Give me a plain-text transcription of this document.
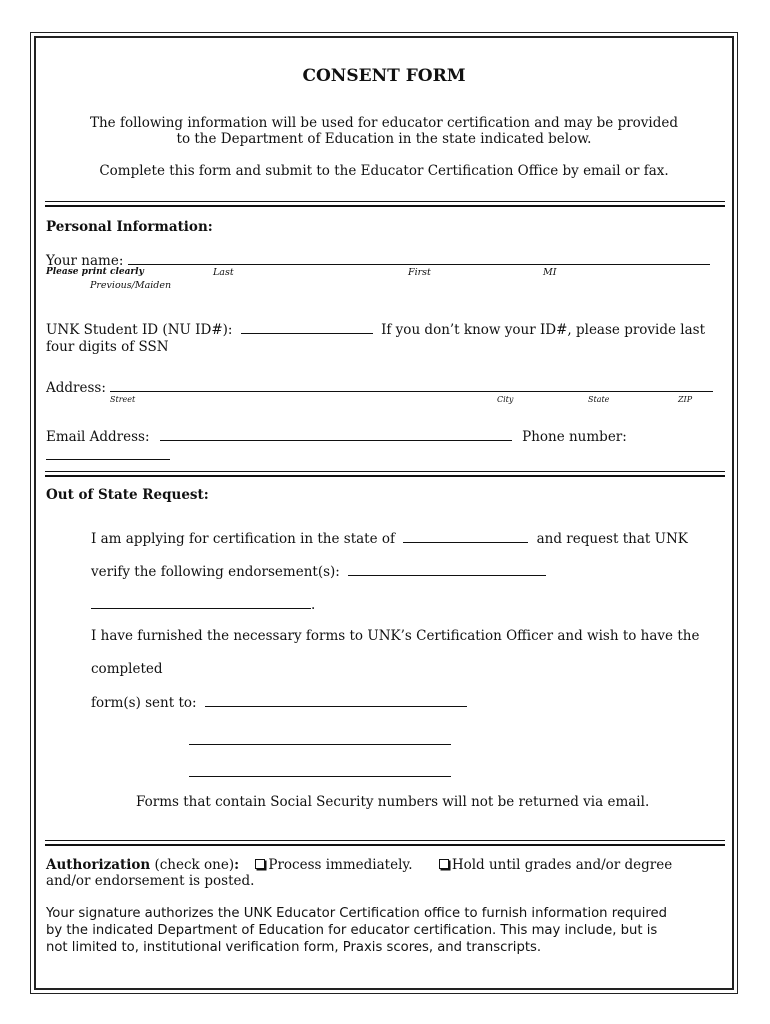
CONSENT FORM
The following information will be used for educator certification and may be provided
to the Department of Education in the state indicated below.
Complete this form and submit to the Educator Certification Office by email or fax.
Personal Information:
Your name:
Please print clearly	Last	First	MI
Previous/Maiden
UNK Student ID (NU ID#):	If you don’t know your ID#, please provide last
four digits of SSN
Address:
Street	City	State	ZIP
Email Address:	Phone number:
Out of State Request:
I am applying for certification in the state of	and request that UNK
verify the following endorsement(s):
.
I have furnished the necessary forms to UNK’s Certification Officer and wish to have the
completed
form(s) sent to:
Forms that contain Social Security numbers will not be returned via email.
Authorization (check one): Process immediately.	Hold until grades and/or degree
and/or endorsement is posted.
Your signature authorizes the UNK Educator Certification office to furnish information required
by the indicated Department of Education for educator certification. This may include, but is
not limited to, institutional verification form, Praxis scores, and transcripts.
